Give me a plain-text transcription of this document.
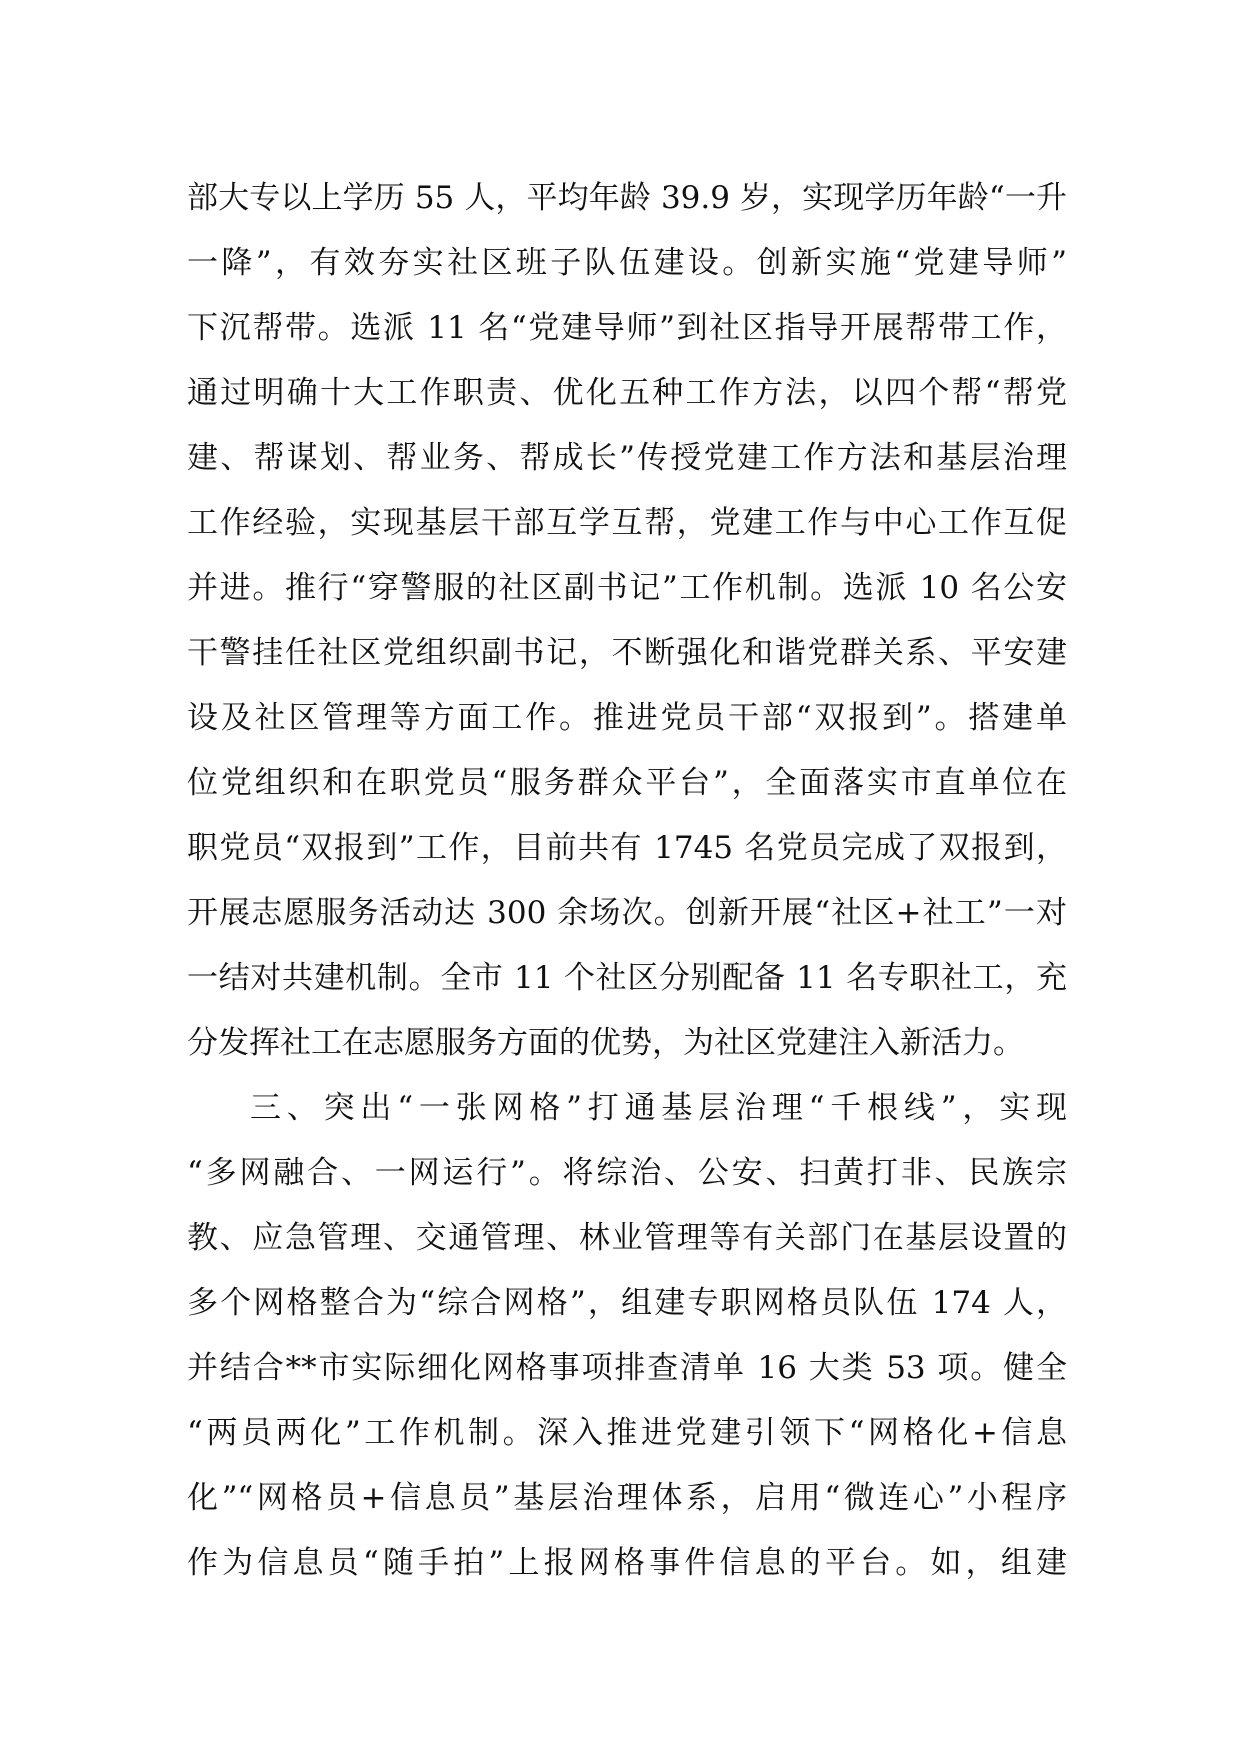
部大专以上学历 55 人，平均年龄 39.9 岁，实现学历年龄“一升
一降”，有效夯实社区班子队伍建设。创新实施“党建导师”
下沉帮带。选派 11 名“党建导师”到社区指导开展帮带工作，
通过明确十大工作职责、优化五种工作方法，以四个帮“帮党
建、帮谋划、帮业务、帮成长”传授党建工作方法和基层治理
工作经验，实现基层干部互学互帮，党建工作与中心工作互促
并进。推行“穿警服的社区副书记”工作机制。选派 10 名公安
干警挂任社区党组织副书记，不断强化和谐党群关系、平安建
设及社区管理等方面工作。推进党员干部“双报到”。搭建单
位党组织和在职党员“服务群众平台”，全面落实市直单位在
职党员“双报到”工作，目前共有 1745 名党员完成了双报到，
开展志愿服务活动达 300 余场次。创新开展“社区+社工”一对
一结对共建机制。全市 11 个社区分别配备 11 名专职社工，充
分发挥社工在志愿服务方面的优势，为社区党建注入新活力。
三、突出“一张网格”打通基层治理“千根线”，实现
“多网融合、一网运行”。将综治、公安、扫黄打非、民族宗
教、应急管理、交通管理、林业管理等有关部门在基层设置的
多个网格整合为“综合网格”，组建专职网格员队伍 174 人，
并结合**市实际细化网格事项排查清单 16 大类 53 项。健全
“两员两化”工作机制。深入推进党建引领下“网格化+信息
化”“网格员+信息员”基层治理体系，启用“微连心”小程序
作为信息员“随手拍”上报网格事件信息的平台。如，组建
